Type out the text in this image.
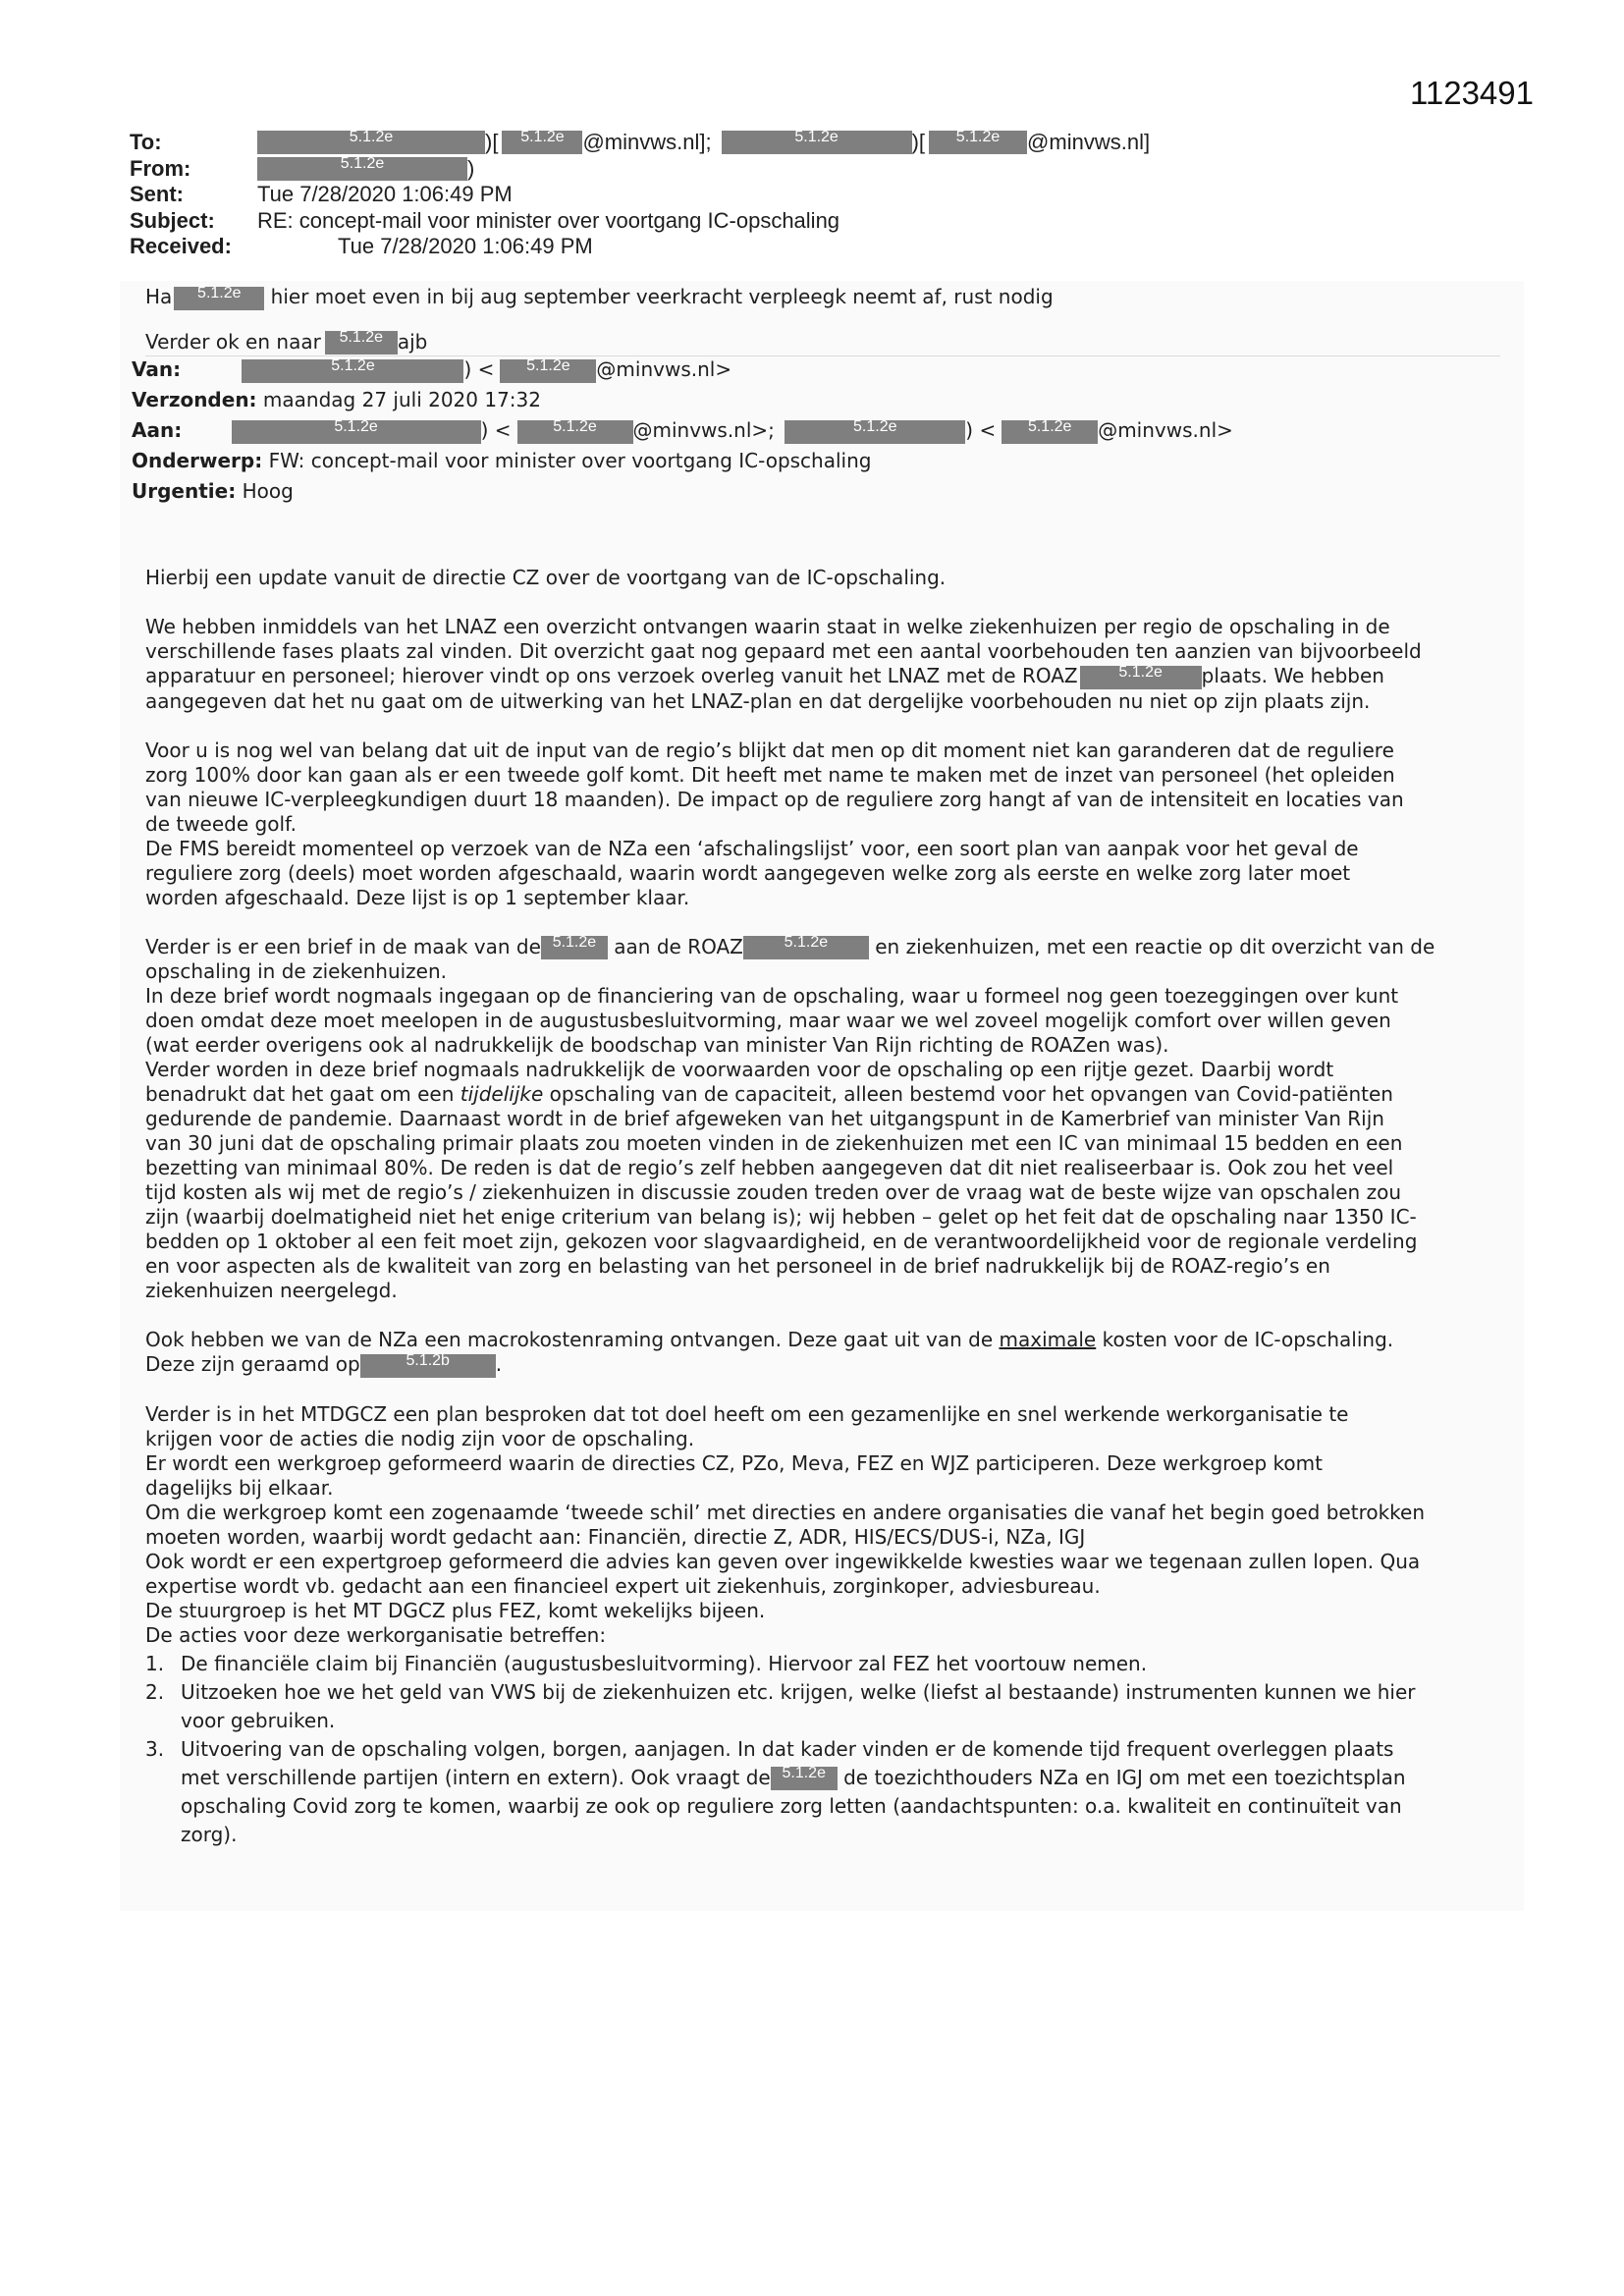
1123491
To:	5.1.2e	)[	5.1.2e @minvws.nl];	5.1.2e	)[	5.1.2e	@minvws.nl]
From:	5.1.2e	)
Sent:	Tue 7/28/2020 1:06:49 PM
Subject:	RE: concept-mail voor minister over voortgang IC-opschaling
Received:	Tue 7/28/2020 1:06:49 PM
Ha	5.1.2e	hier moet even in bij aug september veerkracht verpleegk neemt af, rust nodig
Verder ok en naar	5.1.2e ajb
Van:	5.1.2e	) <	5.1.2e	@minvws.nl>
Verzonden: maandag 27 juli 2020 17:32
Aan:	5.1.2e	) <	5.1.2e	@minvws.nl>;	5.1.2e	) <	5.1.2e	@minvws.nl>
Onderwerp: FW: concept-mail voor minister over voortgang IC-opschaling
Urgentie: Hoog
Hierbij een update vanuit de directie CZ over de voortgang van de IC-opschaling.
We hebben inmiddels van het LNAZ een overzicht ontvangen waarin staat in welke ziekenhuizen per regio de opschaling in de
verschillende fases plaats zal vinden. Dit overzicht gaat nog gepaard met een aantal voorbehouden ten aanzien van bijvoorbeeld
apparatuur en personeel; hierover vindt op ons verzoek overleg vanuit het LNAZ met de ROAZ	5.1.2e	plaats. We hebben
aangegeven dat het nu gaat om de uitwerking van het LNAZ-plan en dat dergelijke voorbehouden nu niet op zijn plaats zijn.
Voor u is nog wel van belang dat uit de input van de regio’s blijkt dat men op dit moment niet kan garanderen dat de reguliere
zorg 100% door kan gaan als er een tweede golf komt. Dit heeft met name te maken met de inzet van personeel (het opleiden
van nieuwe IC-verpleegkundigen duurt 18 maanden). De impact op de reguliere zorg hangt af van de intensiteit en locaties van
de tweede golf.
De FMS bereidt momenteel op verzoek van de NZa een ‘afschalingslijst’ voor, een soort plan van aanpak voor het geval de
reguliere zorg (deels) moet worden afgeschaald, waarin wordt aangegeven welke zorg als eerste en welke zorg later moet
worden afgeschaald. Deze lijst is op 1 september klaar.
Verder is er een brief in de maak van de 5.1.2e aan de ROAZ	5.1.2e	en ziekenhuizen, met een reactie op dit overzicht van de
opschaling in de ziekenhuizen.
In deze brief wordt nogmaals ingegaan op de financiering van de opschaling, waar u formeel nog geen toezeggingen over kunt
doen omdat deze moet meelopen in de augustusbesluitvorming, maar waar we wel zoveel mogelijk comfort over willen geven
(wat eerder overigens ook al nadrukkelijk de boodschap van minister Van Rijn richting de ROAZen was).
Verder worden in deze brief nogmaals nadrukkelijk de voorwaarden voor de opschaling op een rijtje gezet. Daarbij wordt
benadrukt dat het gaat om een tijdelijke opschaling van de capaciteit, alleen bestemd voor het opvangen van Covid-patiënten
gedurende de pandemie. Daarnaast wordt in de brief afgeweken van het uitgangspunt in de Kamerbrief van minister Van Rijn
van 30 juni dat de opschaling primair plaats zou moeten vinden in de ziekenhuizen met een IC van minimaal 15 bedden en een
bezetting van minimaal 80%. De reden is dat de regio’s zelf hebben aangegeven dat dit niet realiseerbaar is. Ook zou het veel
tijd kosten als wij met de regio’s / ziekenhuizen in discussie zouden treden over de vraag wat de beste wijze van opschalen zou
zijn (waarbij doelmatigheid niet het enige criterium van belang is); wij hebben – gelet op het feit dat de opschaling naar 1350 IC-
bedden op 1 oktober al een feit moet zijn, gekozen voor slagvaardigheid, en de verantwoordelijkheid voor de regionale verdeling
en voor aspecten als de kwaliteit van zorg en belasting van het personeel in de brief nadrukkelijk bij de ROAZ-regio’s en
ziekenhuizen neergelegd.
Ook hebben we van de NZa een macrokostenraming ontvangen. Deze gaat uit van de maximale kosten voor de IC-opschaling.
Deze zijn geraamd op	5.1.2b	.
Verder is in het MTDGCZ een plan besproken dat tot doel heeft om een gezamenlijke en snel werkende werkorganisatie te
krijgen voor de acties die nodig zijn voor de opschaling.
Er wordt een werkgroep geformeerd waarin de directies CZ, PZo, Meva, FEZ en WJZ participeren. Deze werkgroep komt
dagelijks bij elkaar.
Om die werkgroep komt een zogenaamde ‘tweede schil’ met directies en andere organisaties die vanaf het begin goed betrokken
moeten worden, waarbij wordt gedacht aan: Financiën, directie Z, ADR, HIS/ECS/DUS-i, NZa, IGJ
Ook wordt er een expertgroep geformeerd die advies kan geven over ingewikkelde kwesties waar we tegenaan zullen lopen. Qua
expertise wordt vb. gedacht aan een financieel expert uit ziekenhuis, zorginkoper, adviesbureau.
De stuurgroep is het MT DGCZ plus FEZ, komt wekelijks bijeen.
De acties voor deze werkorganisatie betreffen:
1. De financiële claim bij Financiën (augustusbesluitvorming). Hiervoor zal FEZ het voortouw nemen.
2. Uitzoeken hoe we het geld van VWS bij de ziekenhuizen etc. krijgen, welke (liefst al bestaande) instrumenten kunnen we hier
voor gebruiken.
3. Uitvoering van de opschaling volgen, borgen, aanjagen. In dat kader vinden er de komende tijd frequent overleggen plaats
met verschillende partijen (intern en extern). Ook vraagt de 5.1.2e de toezichthouders NZa en IGJ om met een toezichtsplan
opschaling Covid zorg te komen, waarbij ze ook op reguliere zorg letten (aandachtspunten: o.a. kwaliteit en continuïteit van
zorg).
